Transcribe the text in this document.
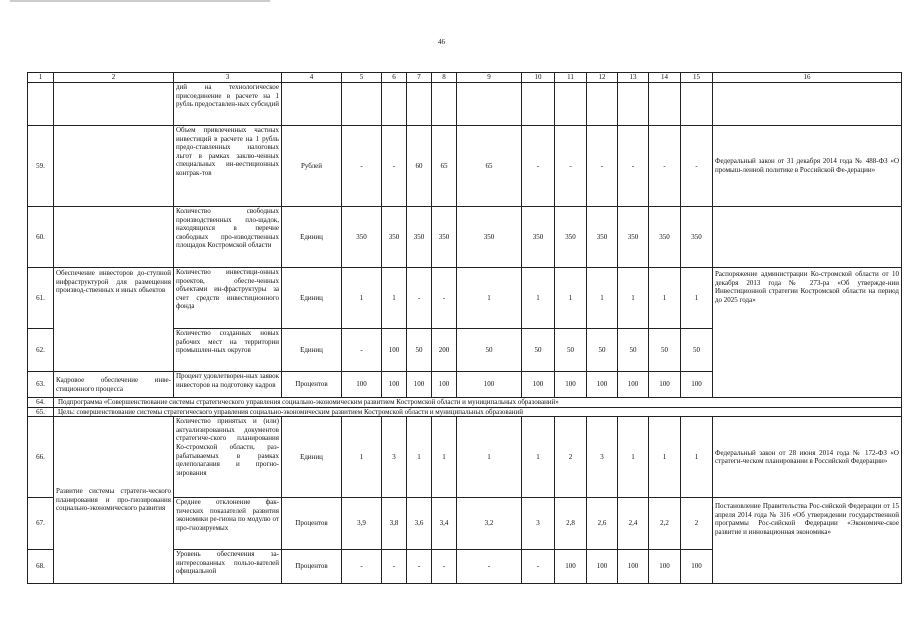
46
1	2	3	4	5	6	7	8	9	10	11	12	13	14	15	16
		дий на технологическое присоединение в расчете на 1 рубль предоставлен-ных субсидий													
59.		Объем привлеченных частных инвестиций в расчете на 1 рубль предо-ставленных налоговых льгот в рамках заклю-ченных специальных ин-вестиционных контрак-тов	Рублей	-	-	60	65	65	-	-	-	-	-	-	Федеральный закон от 31 декабря 2014 года № 488-ФЗ «О промыш-ленной политике в Российской Фе-дерации»
60.		Количество свободных производственных пло-щадок, находящихся в перечне свободных про-изводственных площадок Костромской области	Единиц	350	350	350	350	350	350	350	350	350	350	350	
61.	Обеспечение инвесторов до-ступной инфраструктурой для размещения производ-ственных и иных объектов	Количество инвестици-онных проектов, обеспе-ченных объектами ин-фраструктуры за счет средств инвестиционного фонда	Единиц	1	1	-	-	1	1	1	1	1	1	1	Распоряжение администрации Ко-стромской области от 10 декабря 2013 года № 273-ра «Об утвержде-нии Инвестиционной стратегии Костромской области на период до 2025 года»
62.		Количество созданных новых рабочих мест на территории промышлен-ных округов	Единиц	-	100	50	200	50	50	50	50	50	50	50	
63.	Кадровое обеспечение инве-стиционного процесса	Процент удовлетворен-ных заявок инвесторов на подготовку кадров	Процентов	100	100	100	100	100	100	100	100	100	100	100	
64.	Подпрограмма «Совершенствование системы стратегического управления социально-экономическим развитием Костромской области и муниципальных образований»														
65.	Цель: совершенствование системы стратегического управления социально-экономическим развитием Костромской области и муниципальных образований														
66.	Развитие системы стратеги-ческого планирования и про-гнозирования социально-экономического развития	Количество принятых и (или) актуализированных документов стратегиче-ского планирования Ко-стромской области, раз-рабатываемых в рамках целеполагания и прогно-зирования	Единиц	1	3	1	1	1	1	2	3	1	1	1	Федеральный закон от 28 июня 2014 года № 172-ФЗ «О стратеги-ческом планировании в Российской Федерации»
67.		Среднее отклонение фак-тических показателей развития экономики ре-гиона по модулю от про-гнозируемых	Процентов	3,9	3,8	3,6	3,4	3,2	3	2,8	2,6	2,4	2,2	2	Постановление Правительства Рос-сийской Федерации от 15 апреля 2014 года № 316 «Об утверждении государственной программы Рос-сийской Федерации «Экономиче-ское развитие и инновационная экономика»
68.		Уровень обеспечения за-интересованных пользо-вателей официальной	Процентов	-	-	-	-	-	-	100	100	100	100	100	
